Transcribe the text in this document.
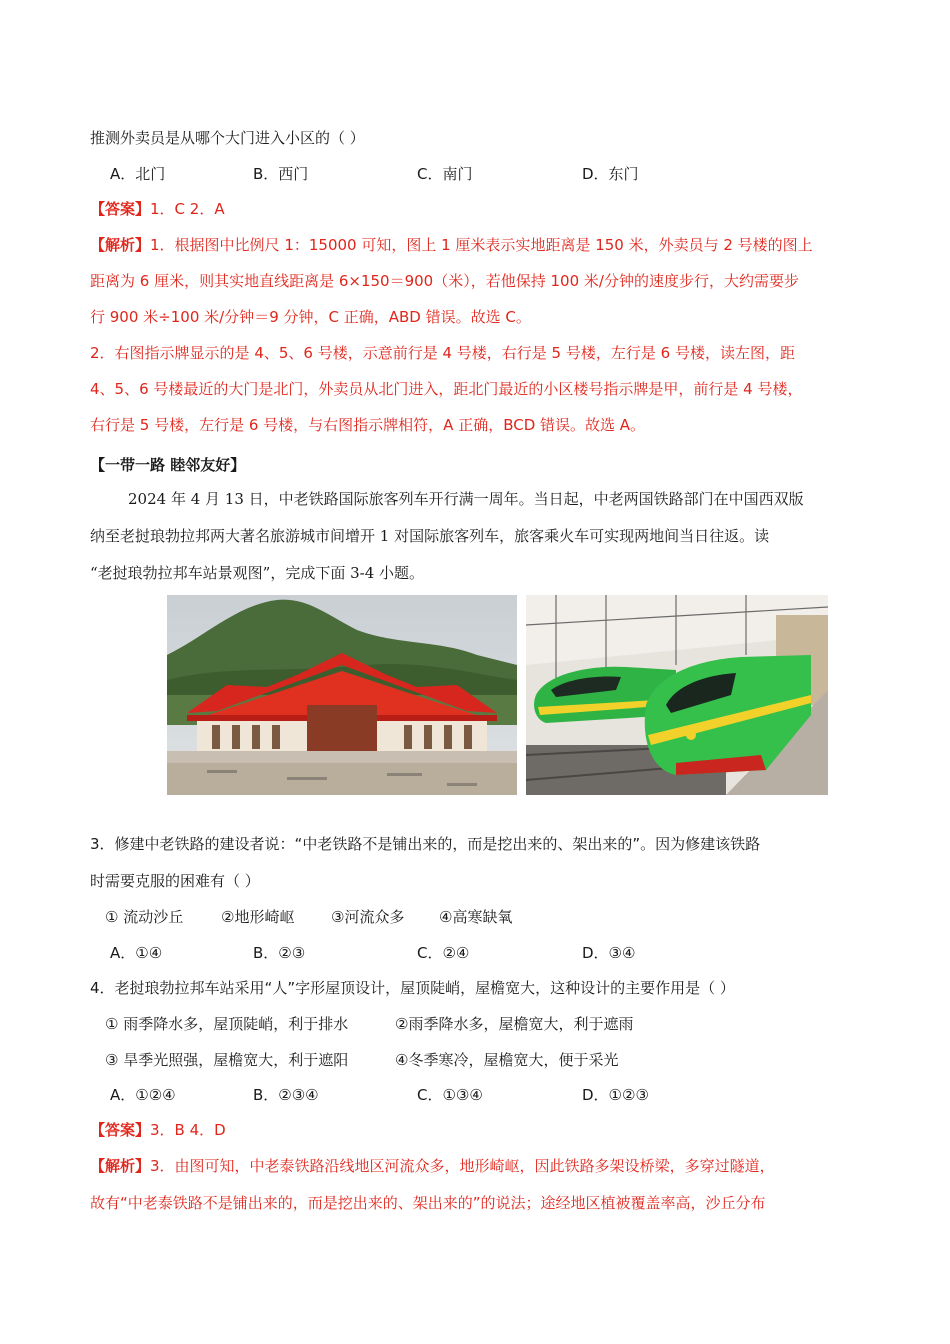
推测外卖员是从哪个大门进入小区的（ ）
A．北门	B．西门	C．南门	D．东门
【答案】1．C 2．A
【解析】1．根据图中比例尺 1：15000 可知，图上 1 厘米表示实地距离是 150 米，外卖员与 2 号楼的图上
距离为 6 厘米，则其实地直线距离是 6×150＝900（米），若他保持 100 米/分钟的速度步行，大约需要步
行 900 米÷100 米/分钟＝9 分钟，C 正确，ABD 错误。故选 C。
2．右图指示牌显示的是 4、5、6 号楼，示意前行是 4 号楼，右行是 5 号楼，左行是 6 号楼，读左图，距
4、5、6 号楼最近的大门是北门，外卖员从北门进入，距北门最近的小区楼号指示牌是甲，前行是 4 号楼，
右行是 5 号楼，左行是 6 号楼，与右图指示牌相符，A 正确，BCD 错误。故选 A。
【一带一路 睦邻友好】
2024 年 4 月 13 日，中老铁路国际旅客列车开行满一周年。当日起，中老两国铁路部门在中国西双版
纳至老挝琅勃拉邦两大著名旅游城市间增开 1 对国际旅客列车，旅客乘火车可实现两地间当日往返。读
“老挝琅勃拉邦车站景观图”，完成下面 3-4 小题。
3．修建中老铁路的建设者说：“中老铁路不是铺出来的，而是挖出来的、架出来的”。因为修建该铁路
时需要克服的困难有（ ）
① 流动沙丘	②地形崎岖 ③河流众多 ④高寒缺氧
A．①④	B．②③	C．②④	D．③④
4．老挝琅勃拉邦车站采用“人”字形屋顶设计，屋顶陡峭，屋檐宽大，这种设计的主要作用是（ ）
① 雨季降水多，屋顶陡峭，利于排水	②雨季降水多，屋檐宽大，利于遮雨
③ 旱季光照强，屋檐宽大，利于遮阳	④冬季寒冷，屋檐宽大，便于采光
A．①②④	B．②③④	C．①③④	D．①②③
【答案】3．B 4．D
【解析】3．由图可知，中老泰铁路沿线地区河流众多，地形崎岖，因此铁路多架设桥梁，多穿过隧道，
故有“中老泰铁路不是铺出来的，而是挖出来的、架出来的”的说法；途经地区植被覆盖率高，沙丘分布
